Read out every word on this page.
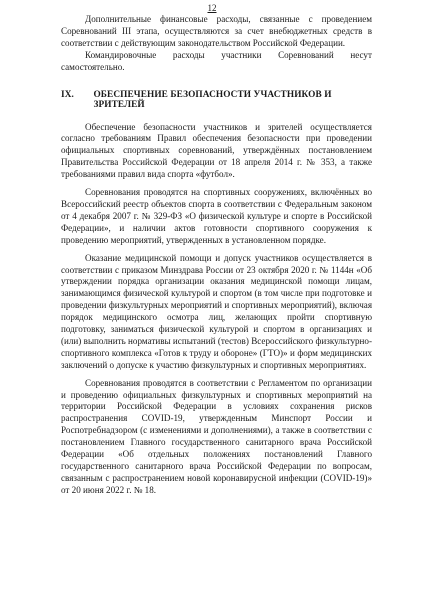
12

Дополнительные финансовые расходы, связанные с проведением Соревнований III этапа, осуществляются за счет внебюджетных средств в соответствии с действующим законодательством Российской Федерации.

Командировочные расходы участники Соревнований несут

самостоятельно.

IX.	ОБЕСПЕЧЕНИЕ БЕЗОПАСНОСТИ УЧАСТНИКОВ И ЗРИТЕЛЕЙ

Обеспечение безопасности участников и зрителей осуществляется согласно требованиям Правил обеспечения безопасности при проведении официальных спортивных соревнований, утверждённых постановлением Правительства Российской Федерации от 18 апреля 2014 г. № 353, а также требованиями правил вида спорта «футбол».

Соревнования проводятся на спортивных сооружениях, включённых во Всероссийский реестр объектов спорта в соответствии с Федеральным законом от 4 декабря 2007 г. № 329-ФЗ «О физической культуре и спорте в Российской Федерации», и наличии актов готовности спортивного сооружения к проведению мероприятий, утвержденных в установленном порядке.

Оказание медицинской помощи и допуск участников осуществляется в соответствии с приказом Минздрава России от 23 октября 2020 г. № 1144н «Об утверждении порядка организации оказания медицинской помощи лицам, занимающимся физической культурой и спортом (в том числе при подготовке и проведении физкультурных мероприятий и спортивных мероприятий), включая порядок медицинского осмотра лиц, желающих пройти спортивную подготовку, заниматься физической культурой и спортом в организациях и (или) выполнить нормативы испытаний (тестов) Всероссийского физкультурно-спортивного комплекса «Готов к труду и обороне» (ГТО)» и форм медицинских заключений о допуске к участию физкультурных и спортивных мероприятиях.

Соревнования проводятся в соответствии с Регламентом по организации и проведению официальных физкультурных и спортивных мероприятий на территории Российской Федерации в условиях сохранения рисков распространения COVID-19, утвержденным Минспорт России и Роспотребнадзором (с изменениями и дополнениями), а также в соответствии с постановлением Главного государственного санитарного врача Российской Федерации «Об отдельных положениях постановлений Главного государственного санитарного врача Российской Федерации по вопросам, связанным с распространением новой коронавирусной инфекции (COVID-19)» от 20 июня 2022 г. № 18.
